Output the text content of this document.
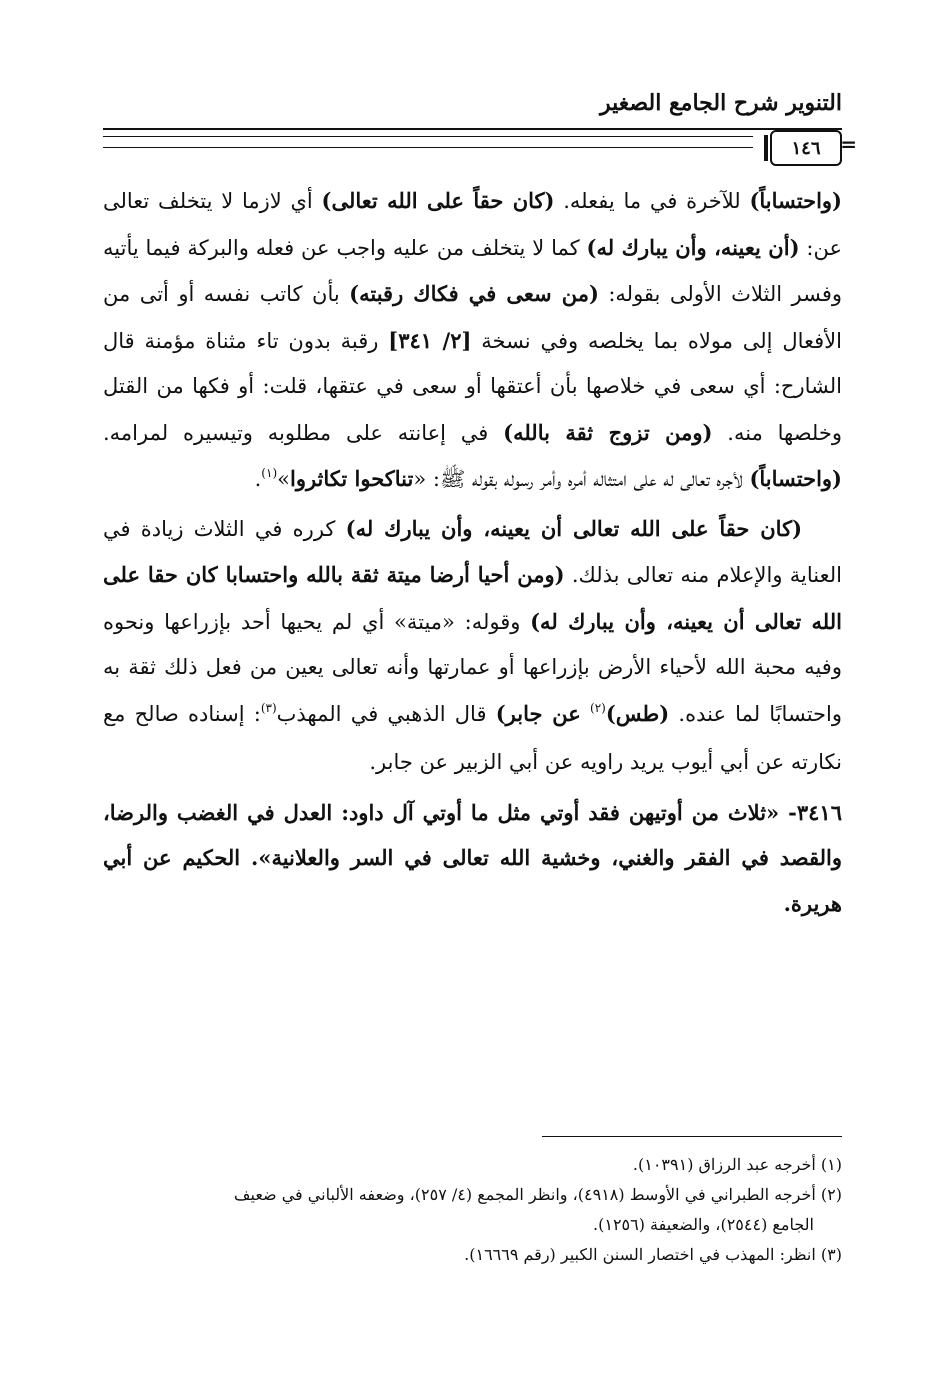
التنوير شرح الجامع الصغير
١٤٦ =

(واحتساباً) للآخرة في ما يفعله. (كان حقاً على الله تعالى) أي لازما لا يتخلف تعالى عن: (أن يعينه، وأن يبارك له) كما لا يتخلف من عليه واجب عن فعله والبركة فيما يأتيه وفسر الثلاث الأولى بقوله: (من سعى في فكاك رقبته) بأن كاتب نفسه أو أتى من الأفعال إلى مولاه بما يخلصه وفي نسخة [٢/ ٣٤١] رقبة بدون تاء مثناة مؤمنة قال الشارح: أي سعى في خلاصها بأن أعتقها أو سعى في عتقها، قلت: أو فكها من القتل وخلصها منه. (ومن تزوج ثقة بالله) في إعانته على مطلوبه وتيسيره لمرامه. (واحتساباً) لأجره تعالى له على امتثاله أمره وأمر رسوله بقوله ﷺ: «تناكحوا تكاثروا»$^{(١)}$.

(كان حقاً على الله تعالى أن يعينه، وأن يبارك له) كرره في الثلاث زيادة في العناية والإعلام منه تعالى بذلك. (ومن أحيا أرضا ميتة ثقة بالله واحتسابا كان حقا على الله تعالى أن يعينه، وأن يبارك له) وقوله: «ميتة» أي لم يحيها أحد بإزراعها ونحوه وفيه محبة الله لأحياء الأرض بإزراعها أو عمارتها وأنه تعالى يعين من فعل ذلك ثقة به واحتسابًا لما عنده. (طس)$^{(٢)}$ عن جابر) قال الذهبي في المهذب$^{(٣)}$: إسناده صالح مع نكارته عن أبي أيوب يريد راويه عن أبي الزبير عن جابر.

٣٤١٦- «ثلاث من أوتيهن فقد أوتي مثل ما أوتي آل داود: العدل في الغضب والرضا، والقصد في الفقر والغني، وخشية الله تعالى في السر والعلانية». الحكيم عن أبي هريرة.

(١) أخرجه عبد الرزاق (١٠٣٩١).

(٢) أخرجه الطبراني في الأوسط (٤٩١٨)، وانظر المجمع (٤/ ٢٥٧)، وضعفه الألباني في ضعيف

الجامع (٢٥٤٤)، والضعيفة (١٢٥٦).

(٣) انظر: المهذب في اختصار السنن الكبير (رقم ١٦٦٦٩).
